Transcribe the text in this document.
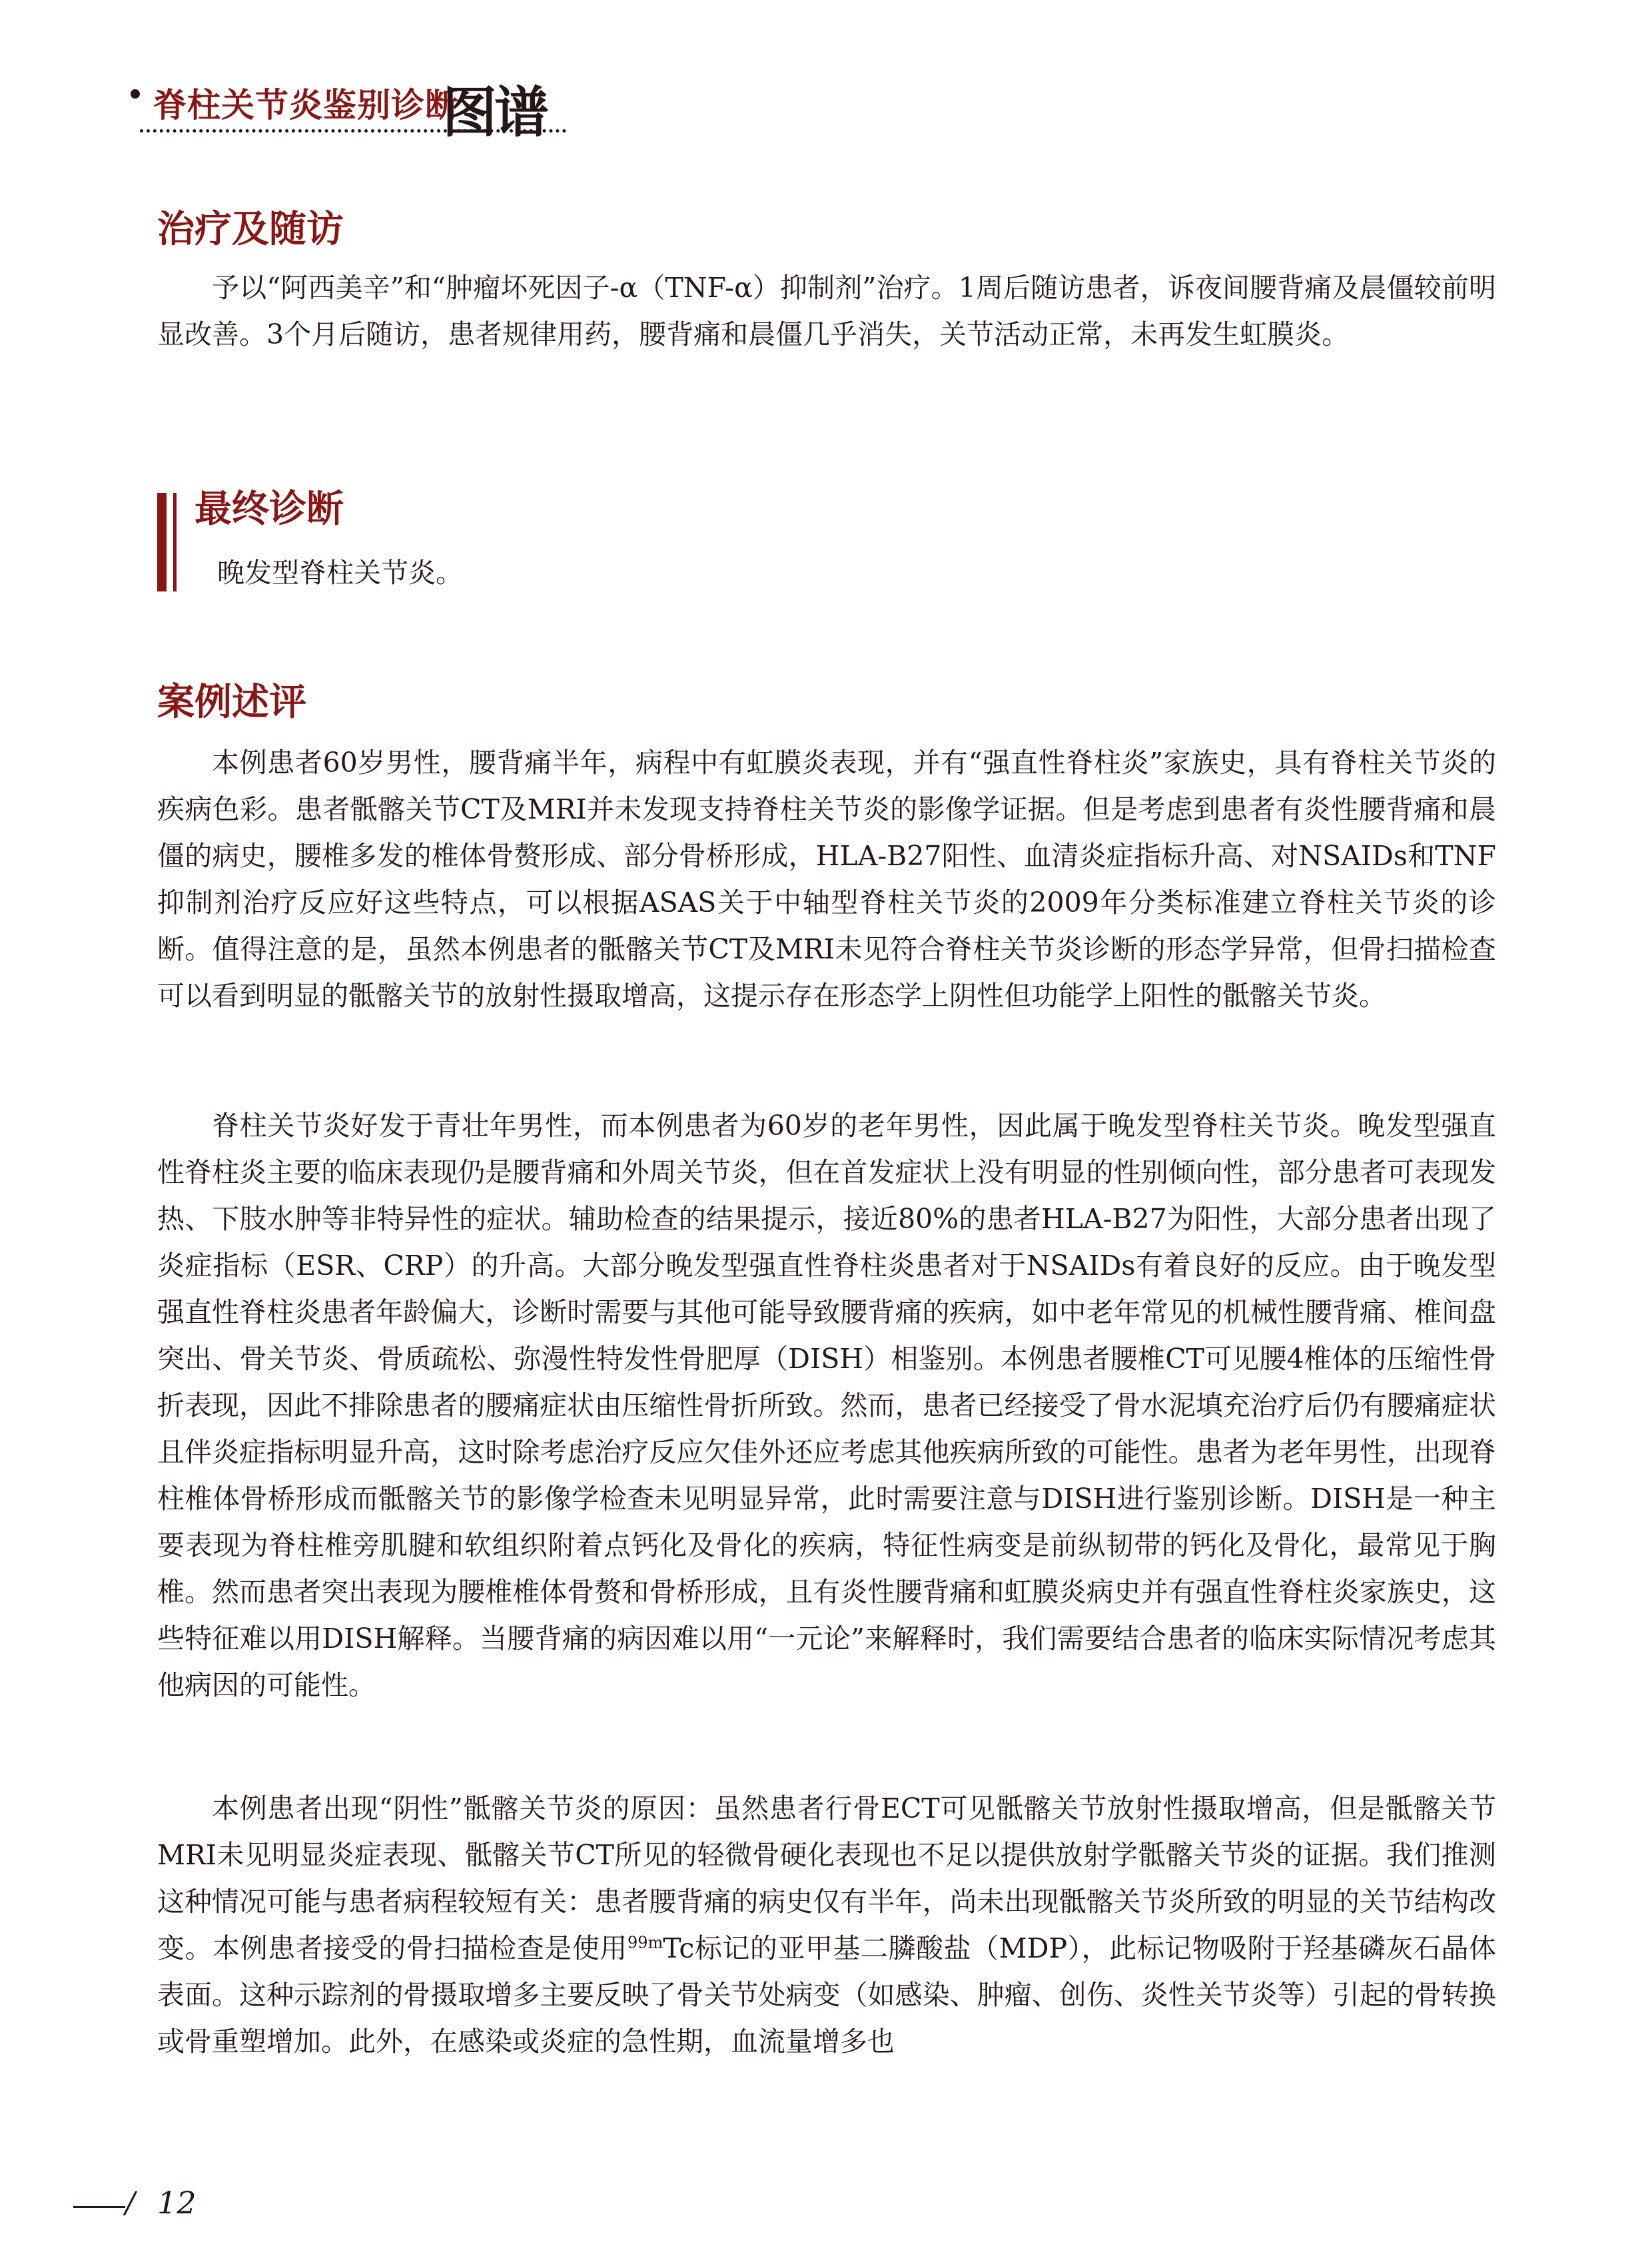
脊柱关节炎鉴别诊断
图谱
治疗及随访

予以“阿西美辛”和“肿瘤坏死因子-α（TNF-α）抑制剂”治疗。1周后随访患者，诉夜间腰背痛及晨僵较前明显改善。3个月后随访，患者规律用药，腰背痛和晨僵几乎消失，关节活动正常，未再发生虹膜炎。

最终诊断

晚发型脊柱关节炎。

案例述评

本例患者60岁男性，腰背痛半年，病程中有虹膜炎表现，并有“强直性脊柱炎”家族史，具有脊柱关节炎的疾病色彩。患者骶髂关节CT及MRI并未发现支持脊柱关节炎的影像学证据。但是考虑到患者有炎性腰背痛和晨僵的病史，腰椎多发的椎体骨赘形成、部分骨桥形成，HLA-B27阳性、血清炎症指标升高、对NSAIDs和TNF抑制剂治疗反应好这些特点，可以根据ASAS关于中轴型脊柱关节炎的2009年分类标准建立脊柱关节炎的诊断。值得注意的是，虽然本例患者的骶髂关节CT及MRI未见符合脊柱关节炎诊断的形态学异常，但骨扫描检查可以看到明显的骶髂关节的放射性摄取增高，这提示存在形态学上阴性但功能学上阳性的骶髂关节炎。

脊柱关节炎好发于青壮年男性，而本例患者为60岁的老年男性，因此属于晚发型脊柱关节炎。晚发型强直性脊柱炎主要的临床表现仍是腰背痛和外周关节炎，但在首发症状上没有明显的性别倾向性，部分患者可表现发热、下肢水肿等非特异性的症状。辅助检查的结果提示，接近80%的患者HLA-B27为阳性，大部分患者出现了炎症指标（ESR、CRP）的升高。大部分晚发型强直性脊柱炎患者对于NSAIDs有着良好的反应。由于晚发型强直性脊柱炎患者年龄偏大，诊断时需要与其他可能导致腰背痛的疾病，如中老年常见的机械性腰背痛、椎间盘突出、骨关节炎、骨质疏松、弥漫性特发性骨肥厚（DISH）相鉴别。本例患者腰椎CT可见腰4椎体的压缩性骨折表现，因此不排除患者的腰痛症状由压缩性骨折所致。然而，患者已经接受了骨水泥填充治疗后仍有腰痛症状且伴炎症指标明显升高，这时除考虑治疗反应欠佳外还应考虑其他疾病所致的可能性。患者为老年男性，出现脊柱椎体骨桥形成而骶髂关节的影像学检查未见明显异常，此时需要注意与DISH进行鉴别诊断。DISH是一种主要表现为脊柱椎旁肌腱和软组织附着点钙化及骨化的疾病，特征性病变是前纵韧带的钙化及骨化，最常见于胸椎。然而患者突出表现为腰椎椎体骨赘和骨桥形成，且有炎性腰背痛和虹膜炎病史并有强直性脊柱炎家族史，这些特征难以用DISH解释。当腰背痛的病因难以用“一元论”来解释时，我们需要结合患者的临床实际情况考虑其他病因的可能性。

本例患者出现“阴性”骶髂关节炎的原因：虽然患者行骨ECT可见骶髂关节放射性摄取增高，但是骶髂关节MRI未见明显炎症表现、骶髂关节CT所见的轻微骨硬化表现也不足以提供放射学骶髂关节炎的证据。我们推测这种情况可能与患者病程较短有关：患者腰背痛的病史仅有半年，尚未出现骶髂关节炎所致的明显的关节结构改变。本例患者接受的骨扫描检查是使用$^{99m}$Tc标记的亚甲基二膦酸盐（MDP），此标记物吸附于羟基磷灰石晶体表面。这种示踪剂的骨摄取增多主要反映了骨关节处病变（如感染、肿瘤、创伤、炎性关节炎等）引起的骨转换或骨重塑增加。此外，在感染或炎症的急性期，血流量增多也

/ 12
